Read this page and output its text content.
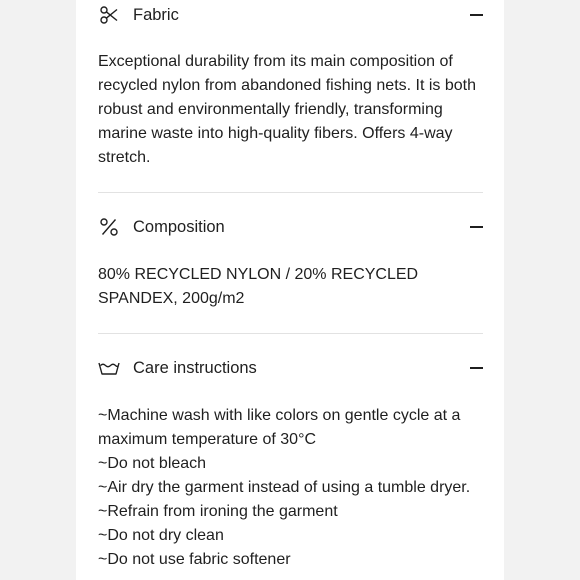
Fabric
Exceptional durability from its main composition of recycled nylon from abandoned fishing nets. It is both robust and environmentally friendly, transforming marine waste into high-quality fibers. Offers 4-way stretch.
Composition
80% RECYCLED NYLON / 20% RECYCLED SPANDEX, 200g/m2
Care instructions
~Machine wash with like colors on gentle cycle at a maximum temperature of 30°C
~Do not bleach
~Air dry the garment instead of using a tumble dryer.
~Refrain from ironing the garment
~Do not dry clean
~Do not use fabric softener
